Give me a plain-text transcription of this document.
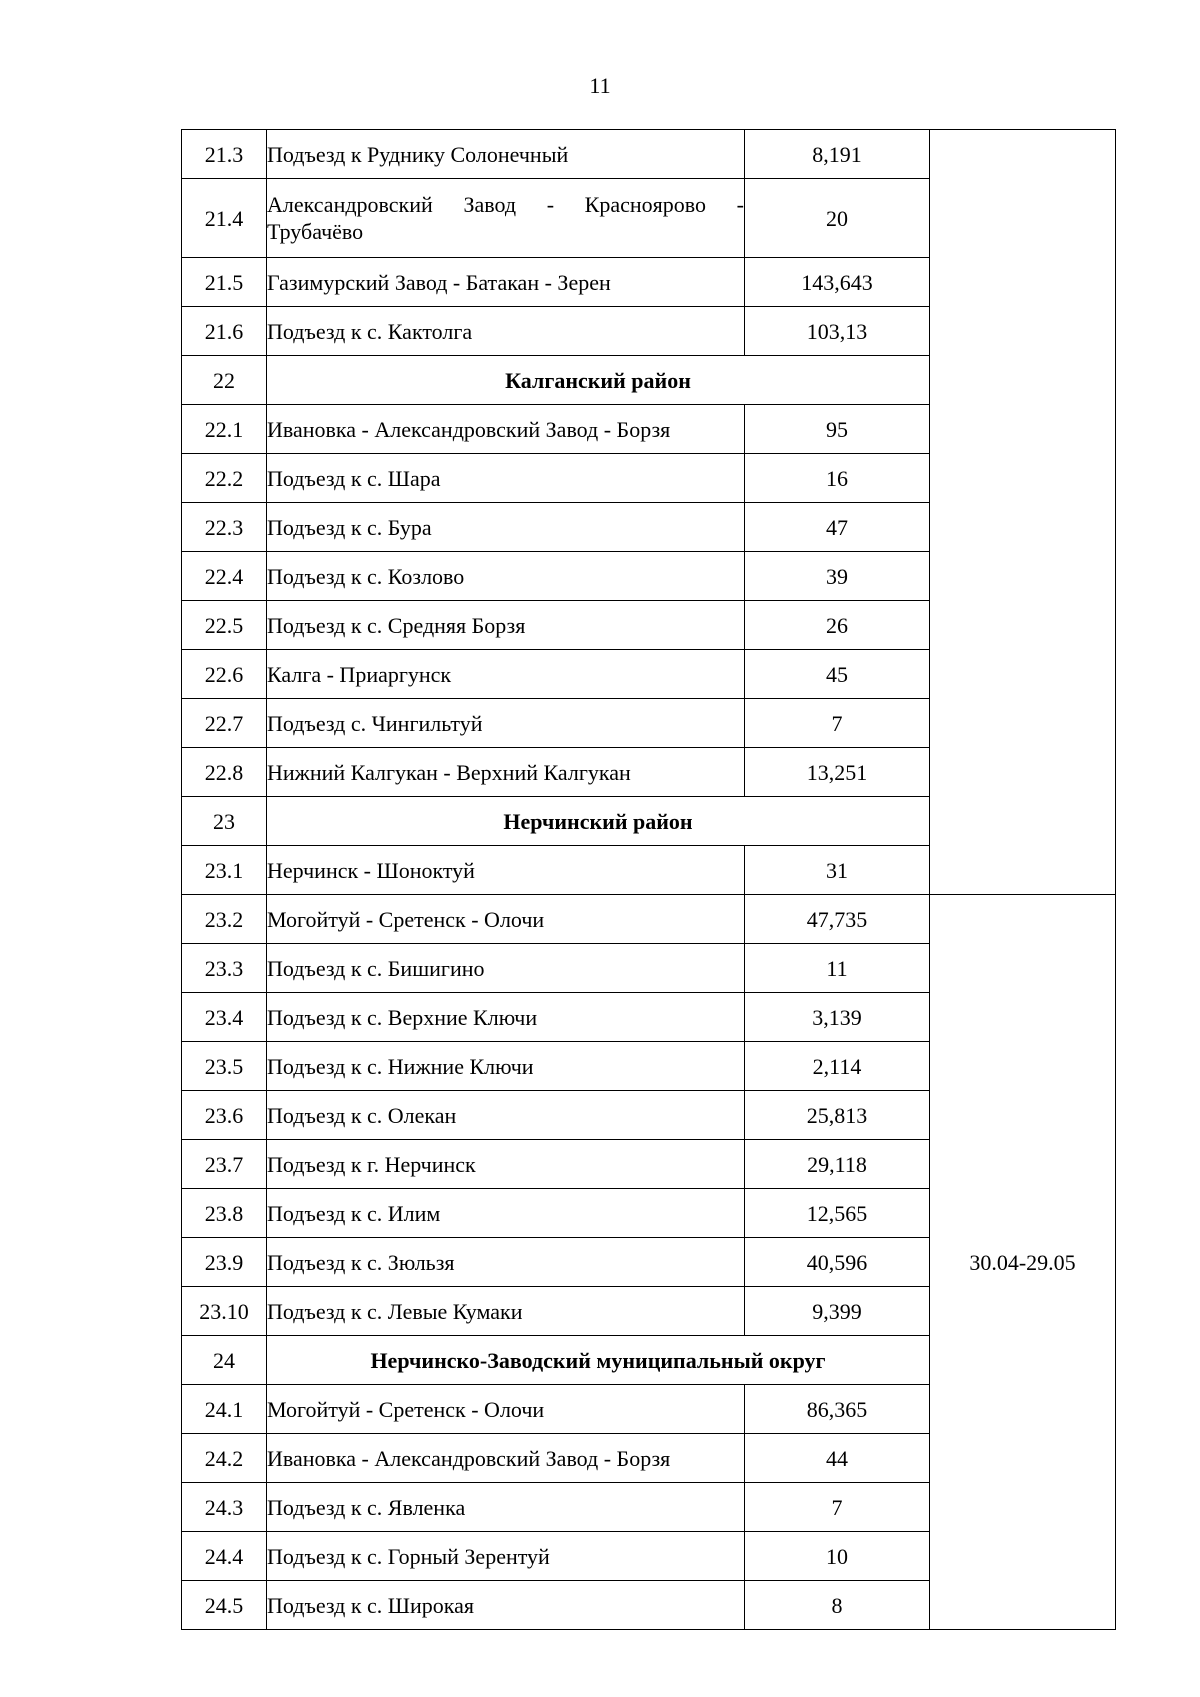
11
21.3	Подъезд к Руднику Солонечный	8,191	
21.4	Александровский Завод - Краснoярово - Трубачёво	20	
21.5	Газимурский Завод - Батакан - Зерен	143,643	
21.6	Подъезд к с. Кактолга	103,13	
22	Калганский район		
22.1	Ивановка - Александровский Завод - Борзя	95	
22.2	Подъезд к с. Шара	16	
22.3	Подъезд к с. Бура	47	
22.4	Подъезд к с. Козлово	39	
22.5	Подъезд к с. Средняя Борзя	26	
22.6	Калга - Приаргунск	45	
22.7	Подъезд с. Чингильтуй	7	
22.8	Нижний Калгукан - Верхний Калгукан	13,251	
23	Нерчинский район		
23.1	Нерчинск - Шоноктуй	31	
23.2	Могойтуй - Сретенск - Олочи	47,735	30.04-29.05
23.3	Подъезд к с. Бишигино	11	
23.4	Подъезд к с. Верхние Ключи	3,139	
23.5	Подъезд к с. Нижние Ключи	2,114	
23.6	Подъезд к с. Олекан	25,813	
23.7	Подъезд к г. Нерчинск	29,118	
23.8	Подъезд к с. Илим	12,565	
23.9	Подъезд к с. Зюльзя	40,596	
23.10	Подъезд к с. Левые Кумаки	9,399	
24	Нерчинско-Заводский муниципальный округ		
24.1	Могойтуй - Сретенск - Олочи	86,365	
24.2	Ивановка - Александровский Завод - Борзя	44	
24.3	Подъезд к с. Явленка	7	
24.4	Подъезд к с. Горный Зерентуй	10	
24.5	Подъезд к с. Широкая	8	
